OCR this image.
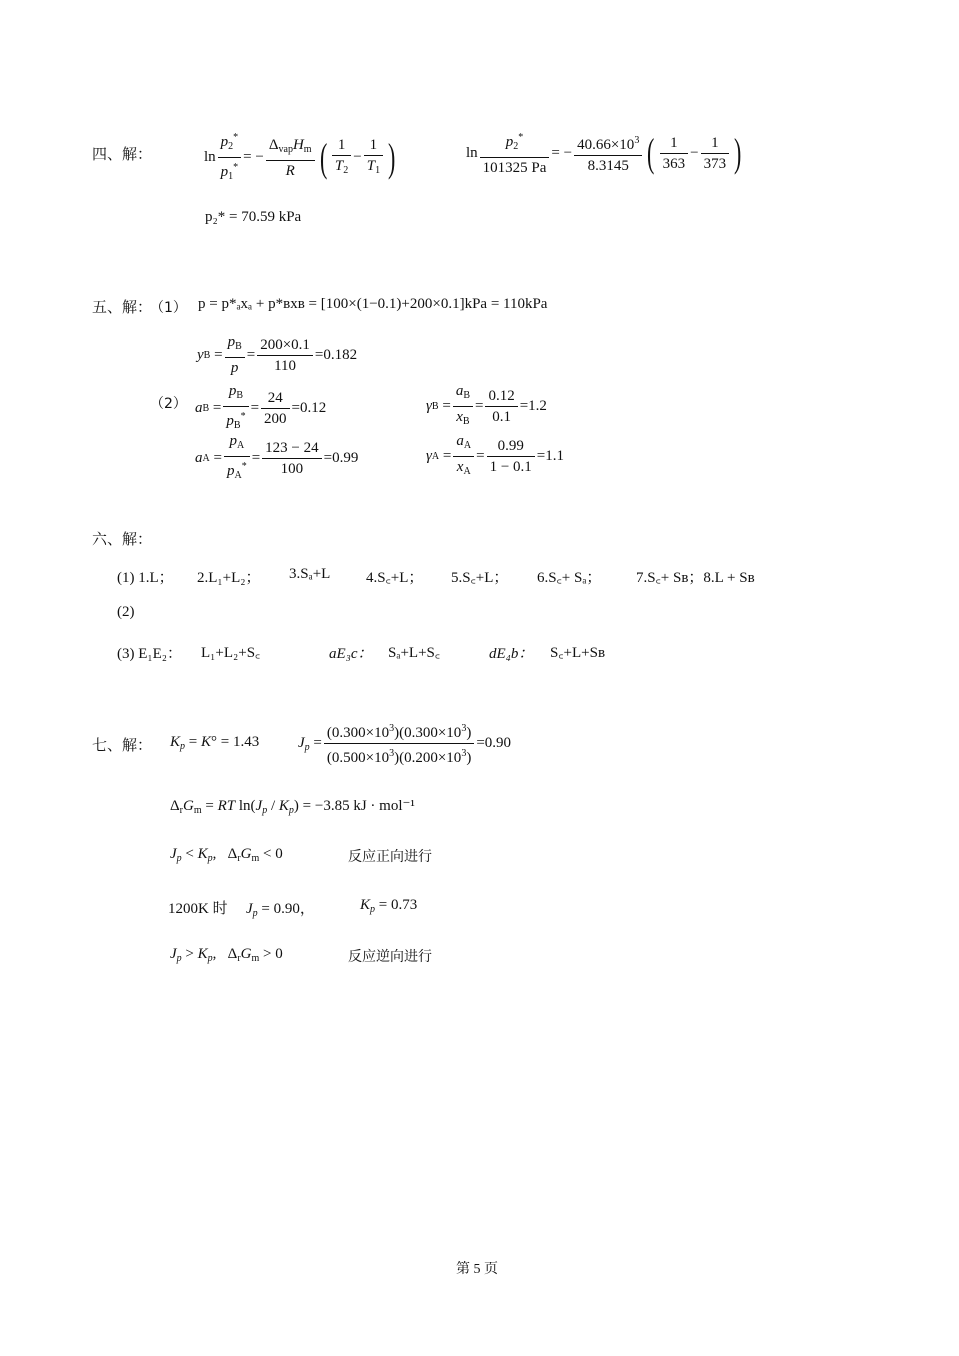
四、解：	$\ln \frac{p_2^*}{p_1^*}$ = − $\frac{\Delta_{vap}H_m}{R}$ ( $\frac{1}{T_2} - \frac{1}{T_1}$ )	$\ln \frac{p_2^*}{101325 Pa}$ = − $\frac{40.66\times 10^3}{8.3145}$ ( $\frac{1}{363} - \frac{1}{373}$ )
p₂* = 70.59 kPa
五、解：
（1） p = p*ₐxₐ + p*ʙxʙ = [100×(1−0.1)+200×0.1]kPa = 110kPa
y $B = \frac{p_B}{p} = \frac{200\times 0.1}{110} = 0.182$
（2） a $B = \frac{p_B}{p_B^*} = \frac{24}{200} = 0.12$	γ $B = \frac{a_B}{x_B} = \frac{0.12}{0.1} = 1.2$
a $A = \frac{p_A}{p_A^*} = \frac{123 - 24}{100} = 0.99$	γ $A = \frac{a_A}{x_A} = \frac{0.99}{1 - 0.1} = 1.1$
六、解：
(1) 1.L； 2.L₁+L₂； 3.Sₐ+L 4.S꜀+L； 5.S꜀+L； 6.S꜀+ Sₐ； 7.S꜀+ Sʙ；8.L + Sʙ
(2)
(3) E₁E₂： L₁+L₂+S꜀	aE₃c： Sₐ+L+S꜀	dE₄b： S꜀+L+Sʙ
七、解： $K_p = K^\circ = 1.43$	$J_p = \frac{(0.300\times 10^3)(0.300\times 10^3)}{(0.500\times 10^3)(0.200\times 10^3)} = 0.90$
$\Delta_rG_m$ = RT $\ln(J_p / K_p) = -3.85$ kJ · mol⁻¹
$J_p < K_p$,   $\Delta_rG_m < 0$	反应正向进行
1200K 时 $J_p = 0.90$，	$K_p = 0.73$
$J_p > K_p$,   $\Delta_rG_m > 0$	反应逆向进行
第 5 页
